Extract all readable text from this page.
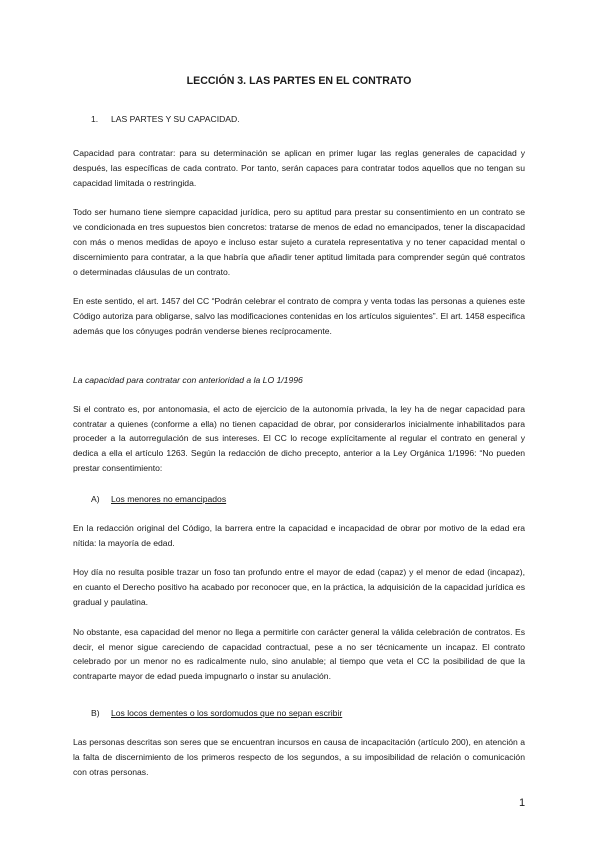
LECCIÓN 3. LAS PARTES EN EL CONTRATO
1. LAS PARTES Y SU CAPACIDAD.

Capacidad para contratar: para su determinación se aplican en primer lugar las reglas generales de capacidad y después, las específicas de cada contrato. Por tanto, serán capaces para contratar todos aquellos que no tengan su capacidad limitada o restringida.

Todo ser humano tiene siempre capacidad jurídica, pero su aptitud para prestar su consentimiento en un contrato se ve condicionada en tres supuestos bien concretos: tratarse de menos de edad no emancipados, tener la discapacidad con más o menos medidas de apoyo e incluso estar sujeto a curatela representativa y no tener capacidad mental o discernimiento para contratar, a la que habría que añadir tener aptitud limitada para comprender según qué contratos o determinadas cláusulas de un contrato.

En este sentido, el art. 1457 del CC “Podrán celebrar el contrato de compra y venta todas las personas a quienes este Código autoriza para obligarse, salvo las modificaciones contenidas en los artículos siguientes”. El art. 1458 especifica además que los cónyuges podrán venderse bienes recíprocamente.

La capacidad para contratar con anterioridad a la LO 1/1996

Si el contrato es, por antonomasia, el acto de ejercicio de la autonomía privada, la ley ha de negar capacidad para contratar a quienes (conforme a ella) no tienen capacidad de obrar, por considerarlos inicialmente inhabilitados para proceder a la autorregulación de sus intereses. El CC lo recoge explícitamente al regular el contrato en general y dedica a ella el artículo 1263. Según la redacción de dicho precepto, anterior a la Ley Orgánica 1/1996: “No pueden prestar consentimiento:

A) Los menores no emancipados

En la redacción original del Código, la barrera entre la capacidad e incapacidad de obrar por motivo de la edad era nítida: la mayoría de edad.

Hoy día no resulta posible trazar un foso tan profundo entre el mayor de edad (capaz) y el menor de edad (incapaz), en cuanto el Derecho positivo ha acabado por reconocer que, en la práctica, la adquisición de la capacidad jurídica es gradual y paulatina.

No obstante, esa capacidad del menor no llega a permitirle con carácter general la válida celebración de contratos. Es decir, el menor sigue careciendo de capacidad contractual, pese a no ser técnicamente un incapaz. El contrato celebrado por un menor no es radicalmente nulo, sino anulable; al tiempo que veta el CC la posibilidad de que la contraparte mayor de edad pueda impugnarlo o instar su anulación.

B) Los locos dementes o los sordomudos que no sepan escribir

Las personas descritas son seres que se encuentran incursos en causa de incapacitación (artículo 200), en atención a la falta de discernimiento de los primeros respecto de los segundos, a su imposibilidad de relación o comunicación con otras personas.

1
